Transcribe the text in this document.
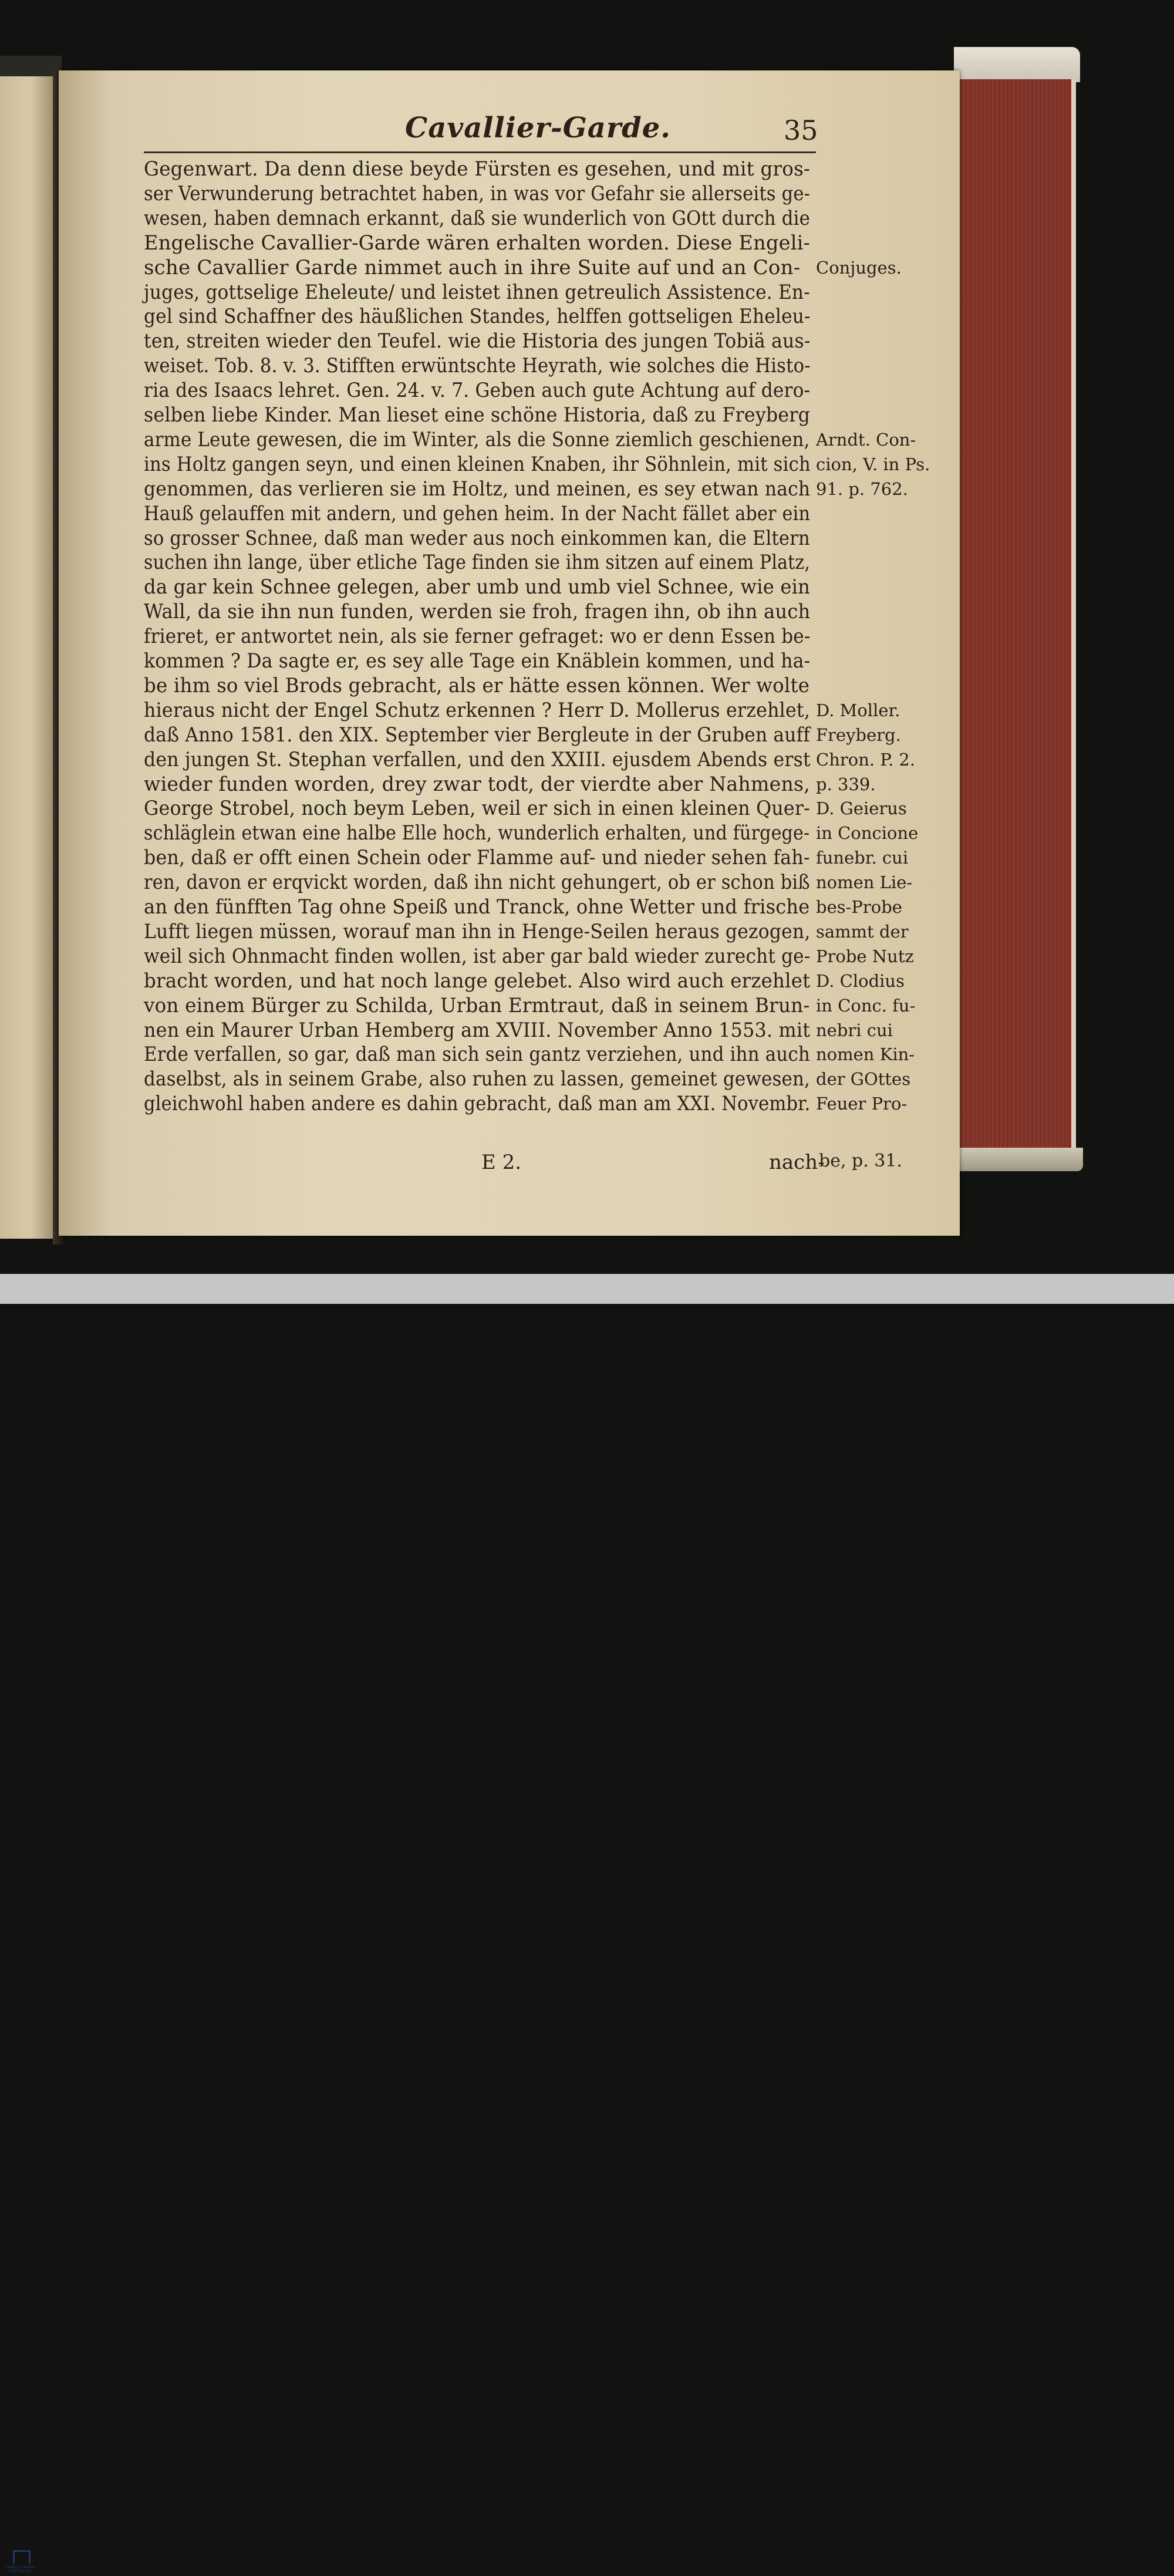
Cavallier-Garde.	35
Gegenwart. Da denn diese beyde Fürsten es gesehen, und mit gros-
ser Verwunderung betrachtet haben, in was vor Gefahr sie allerseits ge-
wesen, haben demnach erkannt, daß sie wunderlich von GOtt durch die
Engelische Cavallier-Garde wären erhalten worden. Diese Engeli-
sche Cavallier Garde nimmet auch in ihre Suite auf und an Con-
juges, gottselige Eheleute/ und leistet ihnen getreulich Assistence. En-
gel sind Schaffner des häußlichen Standes, helffen gottseligen Eheleu-
ten, streiten wieder den Teufel. wie die Historia des jungen Tobiä aus-
weiset. Tob. 8. v. 3. Stifften erwüntschte Heyrath, wie solches die Histo-
ria des Isaacs lehret. Gen. 24. v. 7. Geben auch gute Achtung auf dero-
selben liebe Kinder. Man lieset eine schöne Historia, daß zu Freyberg
arme Leute gewesen, die im Winter, als die Sonne ziemlich geschienen,
ins Holtz gangen seyn, und einen kleinen Knaben, ihr Söhnlein, mit sich
genommen, das verlieren sie im Holtz, und meinen, es sey etwan nach
Hauß gelauffen mit andern, und gehen heim. In der Nacht fället aber ein
so grosser Schnee, daß man weder aus noch einkommen kan, die Eltern
suchen ihn lange, über etliche Tage finden sie ihm sitzen auf einem Platz,
da gar kein Schnee gelegen, aber umb und umb viel Schnee, wie ein
Wall, da sie ihn nun funden, werden sie froh, fragen ihn, ob ihn auch
frieret, er antwortet nein, als sie ferner gefraget: wo er denn Essen be-
kommen ? Da sagte er, es sey alle Tage ein Knäblein kommen, und ha-
be ihm so viel Brods gebracht, als er hätte essen können. Wer wolte
hieraus nicht der Engel Schutz erkennen ? Herr D. Mollerus erzehlet,
daß Anno 1581. den XIX. September vier Bergleute in der Gruben auff
den jungen St. Stephan verfallen, und den XXIII. ejusdem Abends erst
wieder funden worden, drey zwar todt, der vierdte aber Nahmens,
George Strobel, noch beym Leben, weil er sich in einen kleinen Quer-
schläglein etwan eine halbe Elle hoch, wunderlich erhalten, und fürgege-
ben, daß er offt einen Schein oder Flamme auf- und nieder sehen fah-
ren, davon er erqvickt worden, daß ihn nicht gehungert, ob er schon biß
an den fünfften Tag ohne Speiß und Tranck, ohne Wetter und frische
Lufft liegen müssen, worauf man ihn in Henge-Seilen heraus gezogen,
weil sich Ohnmacht finden wollen, ist aber gar bald wieder zurecht ge-
bracht worden, und hat noch lange gelebet. Also wird auch erzehlet
von einem Bürger zu Schilda, Urban Ermtraut, daß in seinem Brun-
nen ein Maurer Urban Hemberg am XVIII. November Anno 1553. mit
Erde verfallen, so gar, daß man sich sein gantz verziehen, und ihn auch
daselbst, als in seinem Grabe, also ruhen zu lassen, gemeinet gewesen,
gleichwohl haben andere es dahin gebracht, daß man am XXI. Novembr.
Conjuges.
Arndt. Con-
cion, V. in Ps.
91. p. 762.
D. Moller.
Freyberg.
Chron. P. 2.
p. 339.
D. Geierus
in Concione
funebr. cui
nomen Lie-
bes-Probe
sammt der
Probe Nutz
D. Clodius
in Conc. fu-
nebri cui
nomen Kin-
der GOttes
Feuer Pro-
E 2.	nach-
be, p. 31.
TRANSYLVANIAN STIFTUNGEN
